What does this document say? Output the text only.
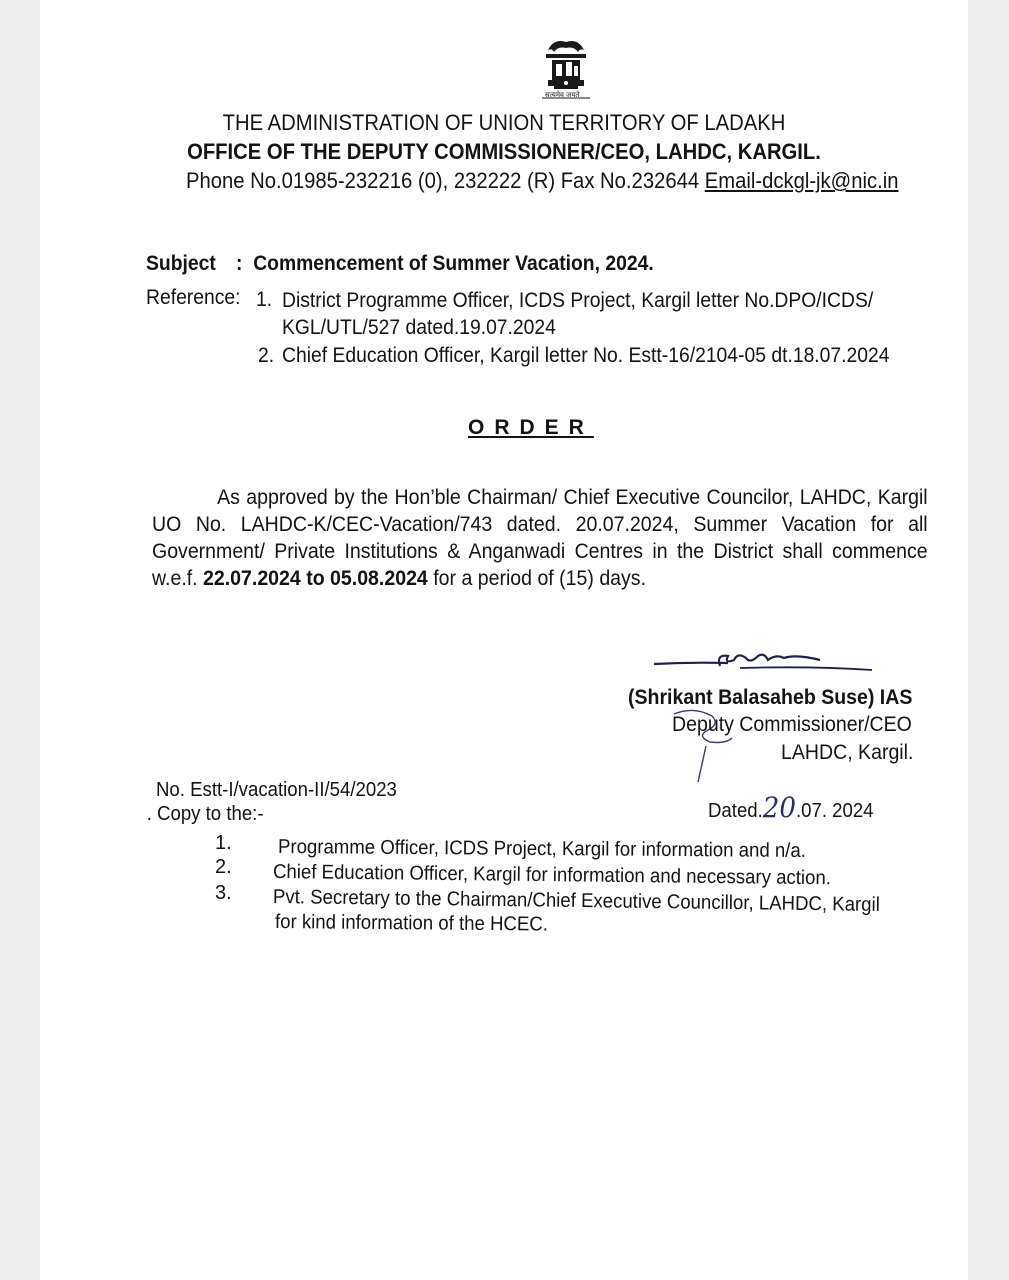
सत्यमेव जयते
THE ADMINISTRATION OF UNION TERRITORY OF LADAKH
OFFICE OF THE DEPUTY COMMISSIONER/CEO, LAHDC, KARGIL.
Phone No.01985-232216 (0), 232222 (R) Fax No.232644 Email-dckgl-jk@nic.in
Subject : Commencement of Summer Vacation, 2024.
Reference: 1. District Programme Officer, ICDS Project, Kargil letter No.DPO/ICDS/
KGL/UTL/527 dated.19.07.2024
2. Chief Education Officer, Kargil letter No. Estt-16/2104-05 dt.18.07.2024
ORDER

As approved by the Hon’ble Chairman/ Chief Executive Councilor, LAHDC, Kargil UO No. LAHDC-K/CEC-Vacation/743 dated. 20.07.2024, Summer Vacation for all Government/ Private Institutions & Anganwadi Centres in the District shall commence w.e.f. 22.07.2024 to 05.08.2024 for a period of (15) days.

(Shrikant Balasaheb Suse) IAS
Deputy Commissioner/CEO
LAHDC, Kargil.
No. Estt-I/vacation-II/54/2023
Dated.20.07. 2024
. Copy to the:-
1. Programme Officer, ICDS Project, Kargil for information and n/a.
2. Chief Education Officer, Kargil for information and necessary action.
3. Pvt. Secretary to the Chairman/Chief Executive Councillor, LAHDC, Kargil
for kind information of the HCEC.
